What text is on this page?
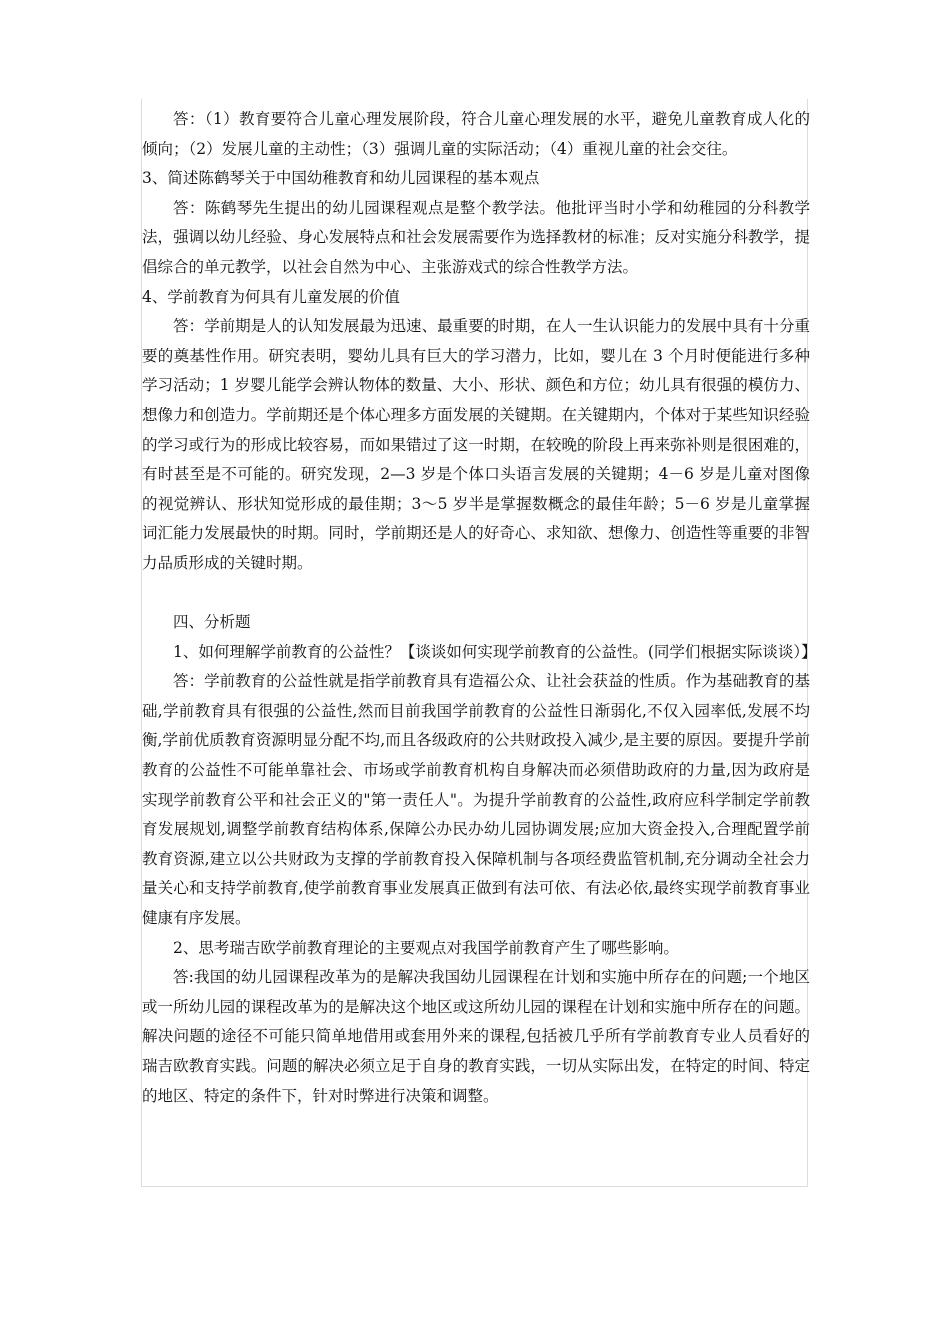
答：（1）教育要符合儿童心理发展阶段，符合儿童心理发展的水平，避免儿童教育成人化的倾向；（2）发展儿童的主动性；（3）强调儿童的实际活动；（4）重视儿童的社会交往。

3、简述陈鹤琴关于中国幼稚教育和幼儿园课程的基本观点

答：陈鹤琴先生提出的幼儿园课程观点是整个教学法。他批评当时小学和幼稚园的分科教学法，强调以幼儿经验、身心发展特点和社会发展需要作为选择教材的标准；反对实施分科教学，提倡综合的单元教学，以社会自然为中心、主张游戏式的综合性教学方法。

4、学前教育为何具有儿童发展的价值

答：学前期是人的认知发展最为迅速、最重要的时期，在人一生认识能力的发展中具有十分重要的奠基性作用。研究表明，婴幼儿具有巨大的学习潜力，比如，婴儿在 3 个月时便能进行多种学习活动；1 岁婴儿能学会辨认物体的数量、大小、形状、颜色和方位；幼儿具有很强的模仿力、想像力和创造力。学前期还是个体心理多方面发展的关键期。在关键期内，个体对于某些知识经验的学习或行为的形成比较容易，而如果错过了这一时期，在较晚的阶段上再来弥补则是很困难的，有时甚至是不可能的。研究发现，2—3 岁是个体口头语言发展的关键期；4－6 岁是儿童对图像的视觉辨认、形状知觉形成的最佳期；3～5 岁半是掌握数概念的最佳年龄；5－6 岁是儿童掌握词汇能力发展最快的时期。同时，学前期还是人的好奇心、求知欲、想像力、创造性等重要的非智力品质形成的关键时期。

四、分析题

1、如何理解学前教育的公益性？【谈谈如何实现学前教育的公益性。(同学们根据实际谈谈）】

答：学前教育的公益性就是指学前教育具有造福公众、让社会获益的性质。作为基础教育的基础,学前教育具有很强的公益性,然而目前我国学前教育的公益性日渐弱化,不仅入园率低,发展不均衡,学前优质教育资源明显分配不均,而且各级政府的公共财政投入减少,是主要的原因。要提升学前教育的公益性不可能单靠社会、市场或学前教育机构自身解决而必须借助政府的力量,因为政府是实现学前教育公平和社会正义的"第一责任人"。为提升学前教育的公益性,政府应科学制定学前教育发展规划,调整学前教育结构体系,保障公办民办幼儿园协调发展;应加大资金投入,合理配置学前教育资源,建立以公共财政为支撑的学前教育投入保障机制与各项经费监管机制,充分调动全社会力量关心和支持学前教育,使学前教育事业发展真正做到有法可依、有法必依,最终实现学前教育事业健康有序发展。

2、思考瑞吉欧学前教育理论的主要观点对我国学前教育产生了哪些影响。

答:我国的幼儿园课程改革为的是解决我国幼儿园课程在计划和实施中所存在的问题;一个地区或一所幼儿园的课程改革为的是解决这个地区或这所幼儿园的课程在计划和实施中所存在的问题。解决问题的途径不可能只简单地借用或套用外来的课程,包括被几乎所有学前教育专业人员看好的瑞吉欧教育实践。问题的解决必须立足于自身的教育实践，一切从实际出发，在特定的时间、特定的地区、特定的条件下，针对时弊进行决策和调整。
